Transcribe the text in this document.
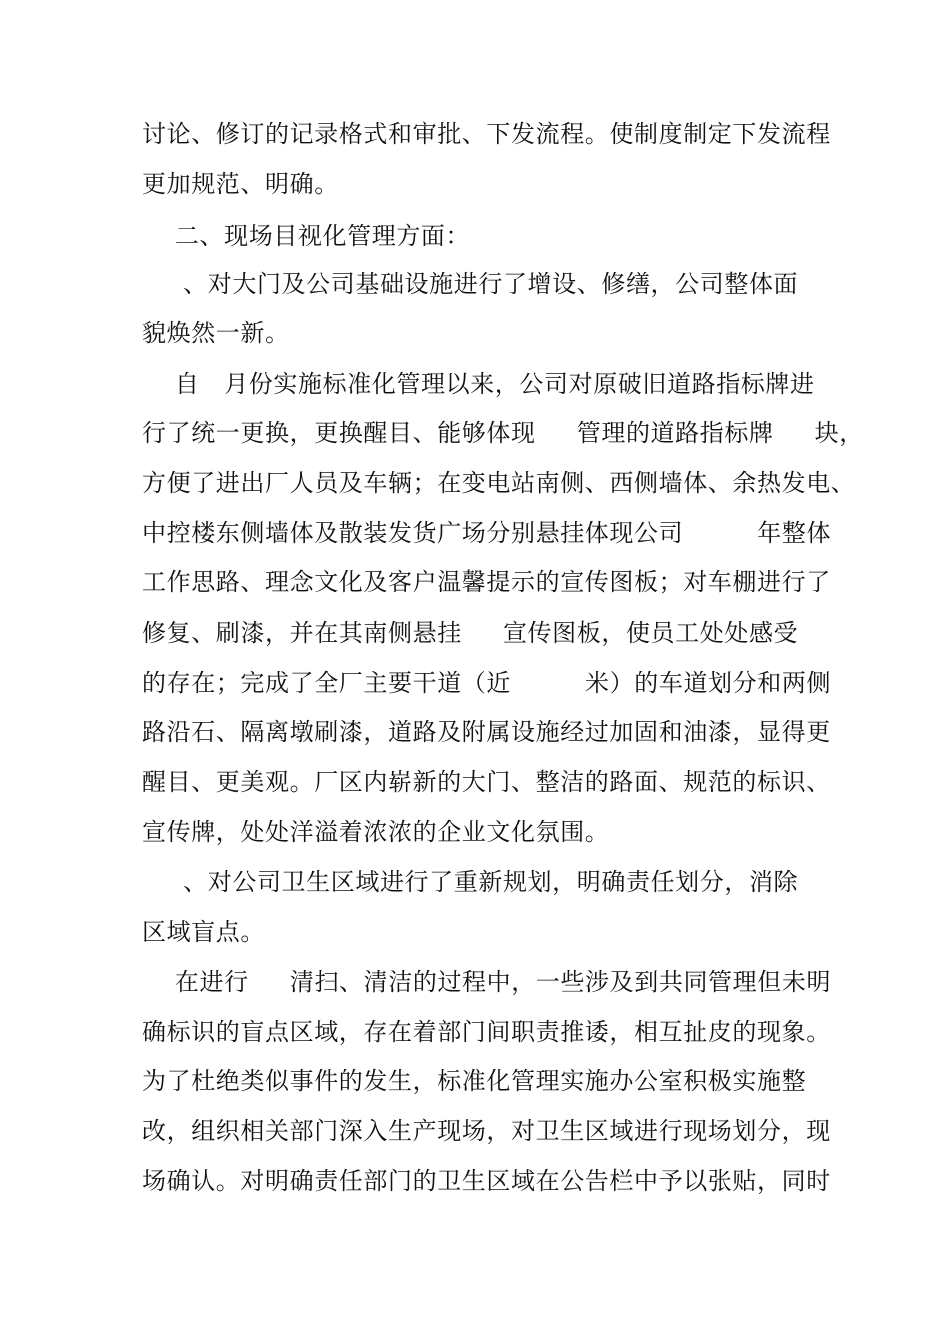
讨论、修订的记录格式和审批、下发流程。使制度制定下发流程
更加规范、明确。
二、现场目视化管理方面：
、对大门及公司基础设施进行了增设、修缮，公司整体面
貌焕然一新。
自   月份实施标准化管理以来，公司对原破旧道路指标牌进
行了统一更换，更换醒目、能够体现     管理的道路指标牌     块，
方便了进出厂人员及车辆；在变电站南侧、西侧墙体、余热发电、
中控楼东侧墙体及散装发货广场分别悬挂体现公司         年整体
工作思路、理念文化及客户温馨提示的宣传图板；对车棚进行了
修复、刷漆，并在其南侧悬挂     宣传图板，使员工处处感受
的存在；完成了全厂主要干道（近         米）的车道划分和两侧
路沿石、隔离墩刷漆，道路及附属设施经过加固和油漆，显得更
醒目、更美观。厂区内崭新的大门、整洁的路面、规范的标识、
宣传牌，处处洋溢着浓浓的企业文化氛围。
、对公司卫生区域进行了重新规划，明确责任划分，消除
区域盲点。
在进行     清扫、清洁的过程中，一些涉及到共同管理但未明
确标识的盲点区域，存在着部门间职责推诿，相互扯皮的现象。
为了杜绝类似事件的发生，标准化管理实施办公室积极实施整
改，组织相关部门深入生产现场，对卫生区域进行现场划分，现
场确认。对明确责任部门的卫生区域在公告栏中予以张贴，同时
